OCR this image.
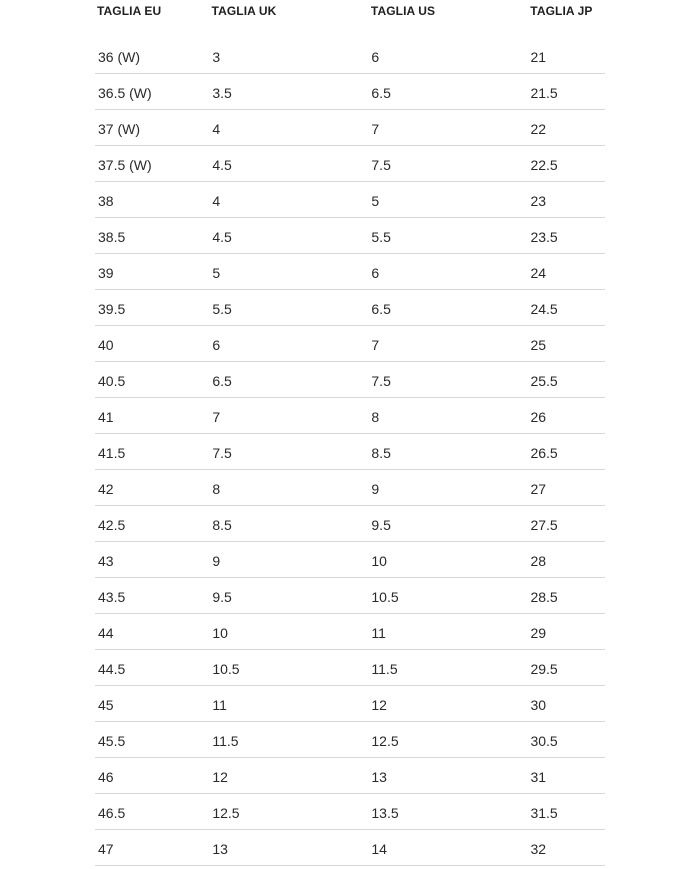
TAGLIA EU	TAGLIA UK	TAGLIA US	TAGLIA JP
36 (W)	3	6	21
36.5 (W)	3.5	6.5	21.5
37 (W)	4	7	22
37.5 (W)	4.5	7.5	22.5
38	4	5	23
38.5	4.5	5.5	23.5
39	5	6	24
39.5	5.5	6.5	24.5
40	6	7	25
40.5	6.5	7.5	25.5
41	7	8	26
41.5	7.5	8.5	26.5
42	8	9	27
42.5	8.5	9.5	27.5
43	9	10	28
43.5	9.5	10.5	28.5
44	10	11	29
44.5	10.5	11.5	29.5
45	11	12	30
45.5	11.5	12.5	30.5
46	12	13	31
46.5	12.5	13.5	31.5
47	13	14	32
